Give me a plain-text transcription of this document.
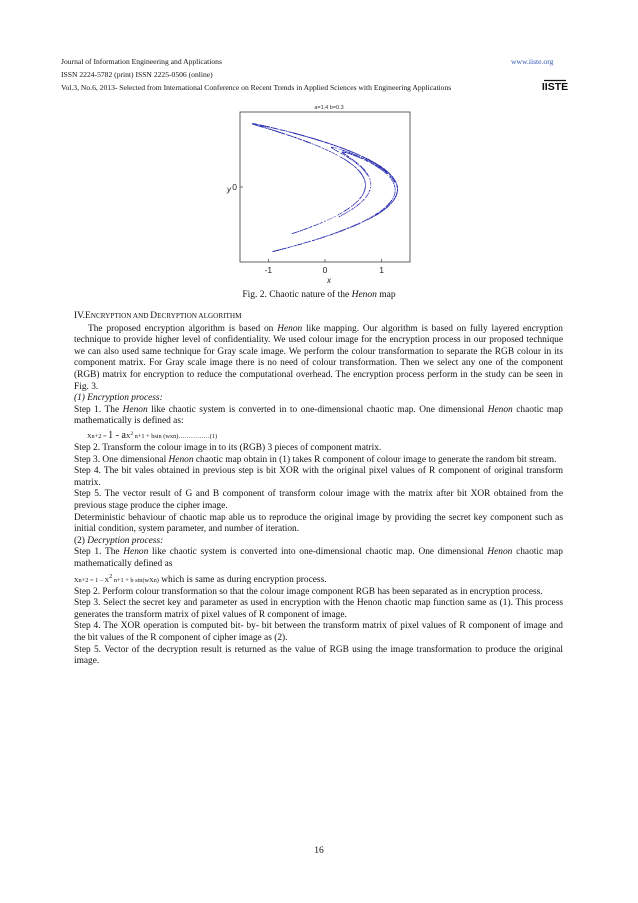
Journal of Information Engineering and Applications	www.iiste.org
ISSN 2224-5782 (print) ISSN 2225-0506 (online)
Vol.3, No.6, 2013- Selected from International Conference on Recent Trends in Applied Sciences with Engineering Applications	IISTE
a=1.4 b=0.3
-1	0	1
0
x
y
Fig. 2. Chaotic nature of the Henon map

IV.ENCRYPTION AND DECRYPTION ALGORITHM

The proposed encryption algorithm is based on Henon like mapping. Our algorithm is based on fully layered encryption technique to provide higher level of confidentiality. We used colour image for the encryption process in our proposed technique we can also used same technique for Gray scale image. We perform the colour transformation to separate the RGB colour in its component matrix. For Gray scale image there is no need of colour transformation. Then we select any one of the component (RGB) matrix for encryption to reduce the computational overhead. The encryption process perform in the study can be seen in Fig. 3.

(1) Encryption process:

Step 1. The Henon like chaotic system is converted in to one-dimensional chaotic map. One dimensional Henon chaotic map mathematically is defined as:

$Xn+2 = 1 - aX^2$ n+1 + bsin (wxn)……………(1)

Step 2. Transform the colour image in to its (RGB) 3 pieces of component matrix.

Step 3. One dimensional Henon chaotic map obtain in (1) takes R component of colour image to generate the random bit stream.

Step 4. The bit vales obtained in previous step is bit XOR with the original pixel values of R component of original transform matrix.

Step 5. The vector result of G and B component of transform colour image with the matrix after bit XOR obtained from the previous stage produce the cipher image.

Deterministic behaviour of chaotic map able us to reproduce the original image by providing the secret key component such as initial condition, system parameter, and number of iteration.

(2) Decryption process:

Step 1. The Henon like chaotic system is converted into one-dimensional chaotic map. One dimensional Henon chaotic map mathematically defined as

$Xn+2 = 1 - X^2$ n+1 + b sin(wXn) which is same as during encryption process.

Step 2. Perform colour transformation so that the colour image component RGB has been separated as in encryption process.

Step 3. Select the secret key and parameter as used in encryption with the Henon chaotic map function same as (1). This process generates the transform matrix of pixel values of R component of image.

Step 4. The XOR operation is computed bit- by- bit between the transform matrix of pixel values of R component of image and the bit values of the R component of cipher image as (2).

Step 5. Vector of the decryption result is returned as the value of RGB using the image transformation to produce the original image.

16
